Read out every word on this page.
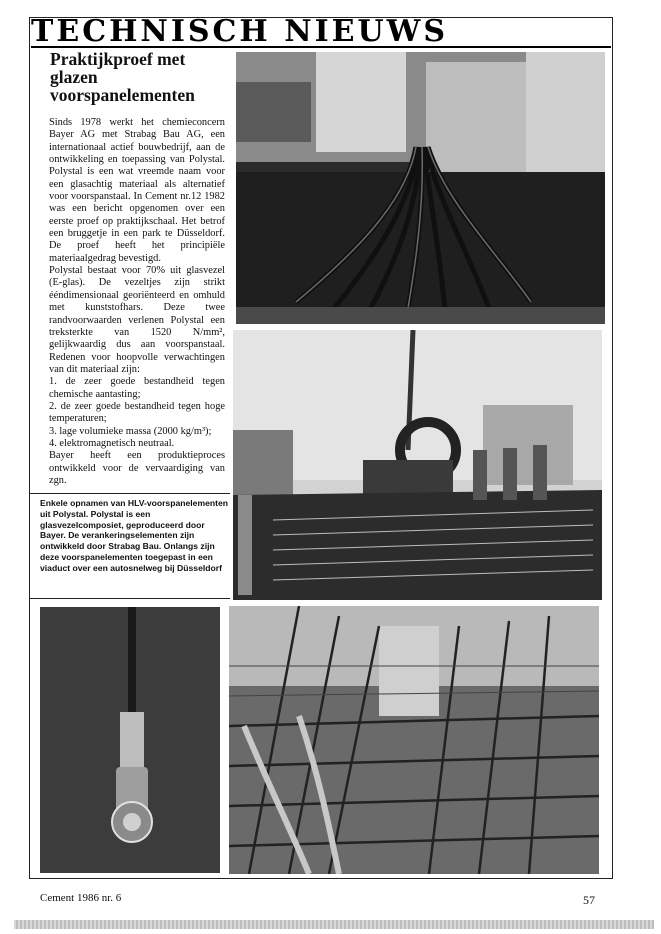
TECHNISCH NIEUWS
Praktijkproef met glazen voorspanelementen

Sinds 1978 werkt het chemieconcern Bayer AG met Strabag Bau AG, een internationaal actief bouwbedrijf, aan de ontwikkeling en toepassing van Polystal. Polystal is een wat vreemde naam voor een glasachtig materiaal als alternatief voor voorspanstaal. In Cement nr.12 1982 was een bericht opgenomen over een eerste proef op praktijkschaal. Het betrof een bruggetje in een park te Düsseldorf. De proef heeft het principiële materiaalgedrag bevestigd.

Polystal bestaat voor 70% uit glasvezel (E-glas). De vezeltjes zijn strikt ééndimensionaal georiënteerd en omhuld met kunststofhars. Deze twee randvoorwaarden verlenen Polystal een treksterkte van 1520 N/mm², gelijkwaardig dus aan voorspanstaal. Redenen voor hoopvolle verwachtingen van dit materiaal zijn:

1. de zeer goede bestandheid tegen chemische aantasting;

2. de zeer goede bestandheid tegen hoge temperaturen;

3. lage volumieke massa (2000 kg/m³);

4. elektromagnetisch neutraal.

Bayer heeft een produktieproces ontwikkeld voor de vervaardiging van zgn.

Enkele opnamen van HLV-voorspanelementen uit Polystal. Polystal is een glasvezelcomposiet, geproduceerd door Bayer. De verankeringselementen zijn ontwikkeld door Strabag Bau. Onlangs zijn deze voorspanelementen toegepast in een viaduct over een autosnelweg bij Düsseldorf
Cement 1986 nr. 6	57
